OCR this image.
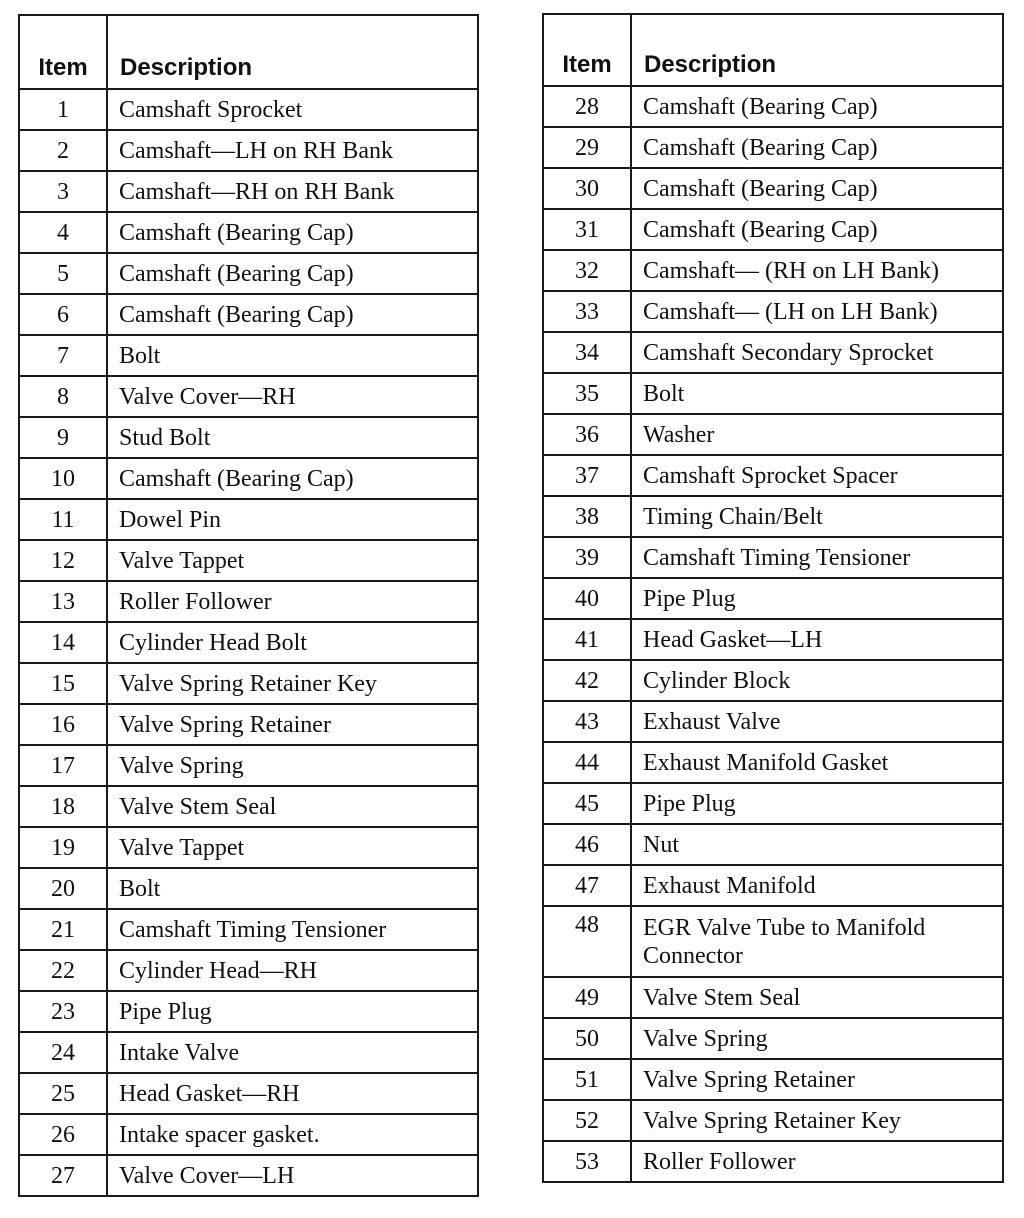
Item	Description
1	Camshaft Sprocket
2	Camshaft—LH on RH Bank
3	Camshaft—RH on RH Bank
4	Camshaft (Bearing Cap)
5	Camshaft (Bearing Cap)
6	Camshaft (Bearing Cap)
7	Bolt
8	Valve Cover—RH
9	Stud Bolt
10	Camshaft (Bearing Cap)
11	Dowel Pin
12	Valve Tappet
13	Roller Follower
14	Cylinder Head Bolt
15	Valve Spring Retainer Key
16	Valve Spring Retainer
17	Valve Spring
18	Valve Stem Seal
19	Valve Tappet
20	Bolt
21	Camshaft Timing Tensioner
22	Cylinder Head—RH
23	Pipe Plug
24	Intake Valve
25	Head Gasket—RH
26	Intake spacer gasket.
27	Valve Cover—LH
Item	Description
28	Camshaft (Bearing Cap)
29	Camshaft (Bearing Cap)
30	Camshaft (Bearing Cap)
31	Camshaft (Bearing Cap)
32	Camshaft— (RH on LH Bank)
33	Camshaft— (LH on LH Bank)
34	Camshaft Secondary Sprocket
35	Bolt
36	Washer
37	Camshaft Sprocket Spacer
38	Timing Chain/Belt
39	Camshaft Timing Tensioner
40	Pipe Plug
41	Head Gasket—LH
42	Cylinder Block
43	Exhaust Valve
44	Exhaust Manifold Gasket
45	Pipe Plug
46	Nut
47	Exhaust Manifold
48	EGR Valve Tube to Manifold Connector
49	Valve Stem Seal
50	Valve Spring
51	Valve Spring Retainer
52	Valve Spring Retainer Key
53	Roller Follower
